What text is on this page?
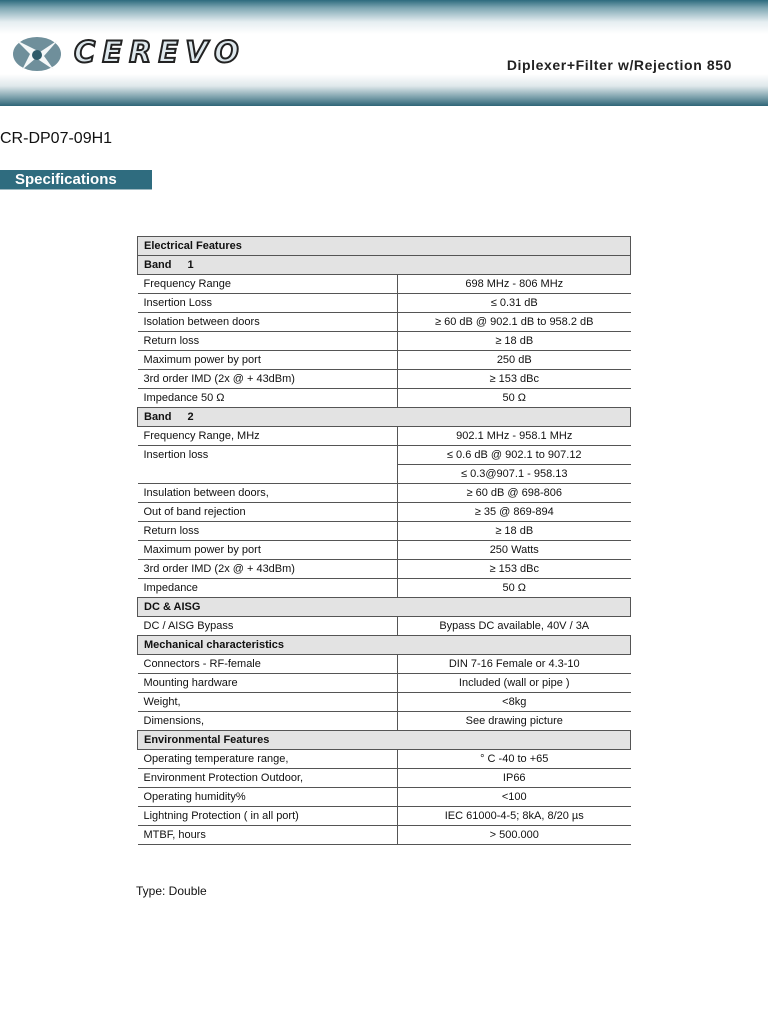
CEREVO	Diplexer+Filter w/Rejection 850
CR-DP07-09H1
Specifications
Electrical Features	
Band 1	
Frequency Range	698 MHz - 806 MHz
Insertion Loss	≤ 0.31 dB
Isolation between doors	≥ 60 dB @ 902.1 dB to 958.2 dB
Return loss	≥ 18 dB
Maximum power by port	250 dB
3rd order IMD (2x @ + 43dBm)	≥ 153 dBc
Impedance 50 Ω	50 Ω
Band 2	
Frequency Range, MHz	902.1 MHz - 958.1 MHz
Insertion loss	≤ 0.6 dB @ 902.1 to 907.12
	≤ 0.3@907.1 - 958.13
Insulation between doors,	≥ 60 dB @ 698-806
Out of band rejection	≥ 35 @ 869-894
Return loss	≥ 18 dB
Maximum power by port	250 Watts
3rd order IMD (2x @ + 43dBm)	≥ 153 dBc
Impedance	50 Ω
DC & AISG	
DC / AISG Bypass	Bypass DC available, 40V / 3A
Mechanical characteristics	
Connectors - RF-female	DIN 7-16 Female or 4.3-10
Mounting hardware	Included (wall or pipe )
Weight,	<8kg
Dimensions,	See drawing picture
Environmental Features	
Operating temperature range,	° C -40 to +65
Environment Protection Outdoor,	IP66
Operating humidity%	<100
Lightning Protection ( in all port)	IEC 61000-4-5; 8kA, 8/20 µs
MTBF, hours	> 500.000
Type: Double
